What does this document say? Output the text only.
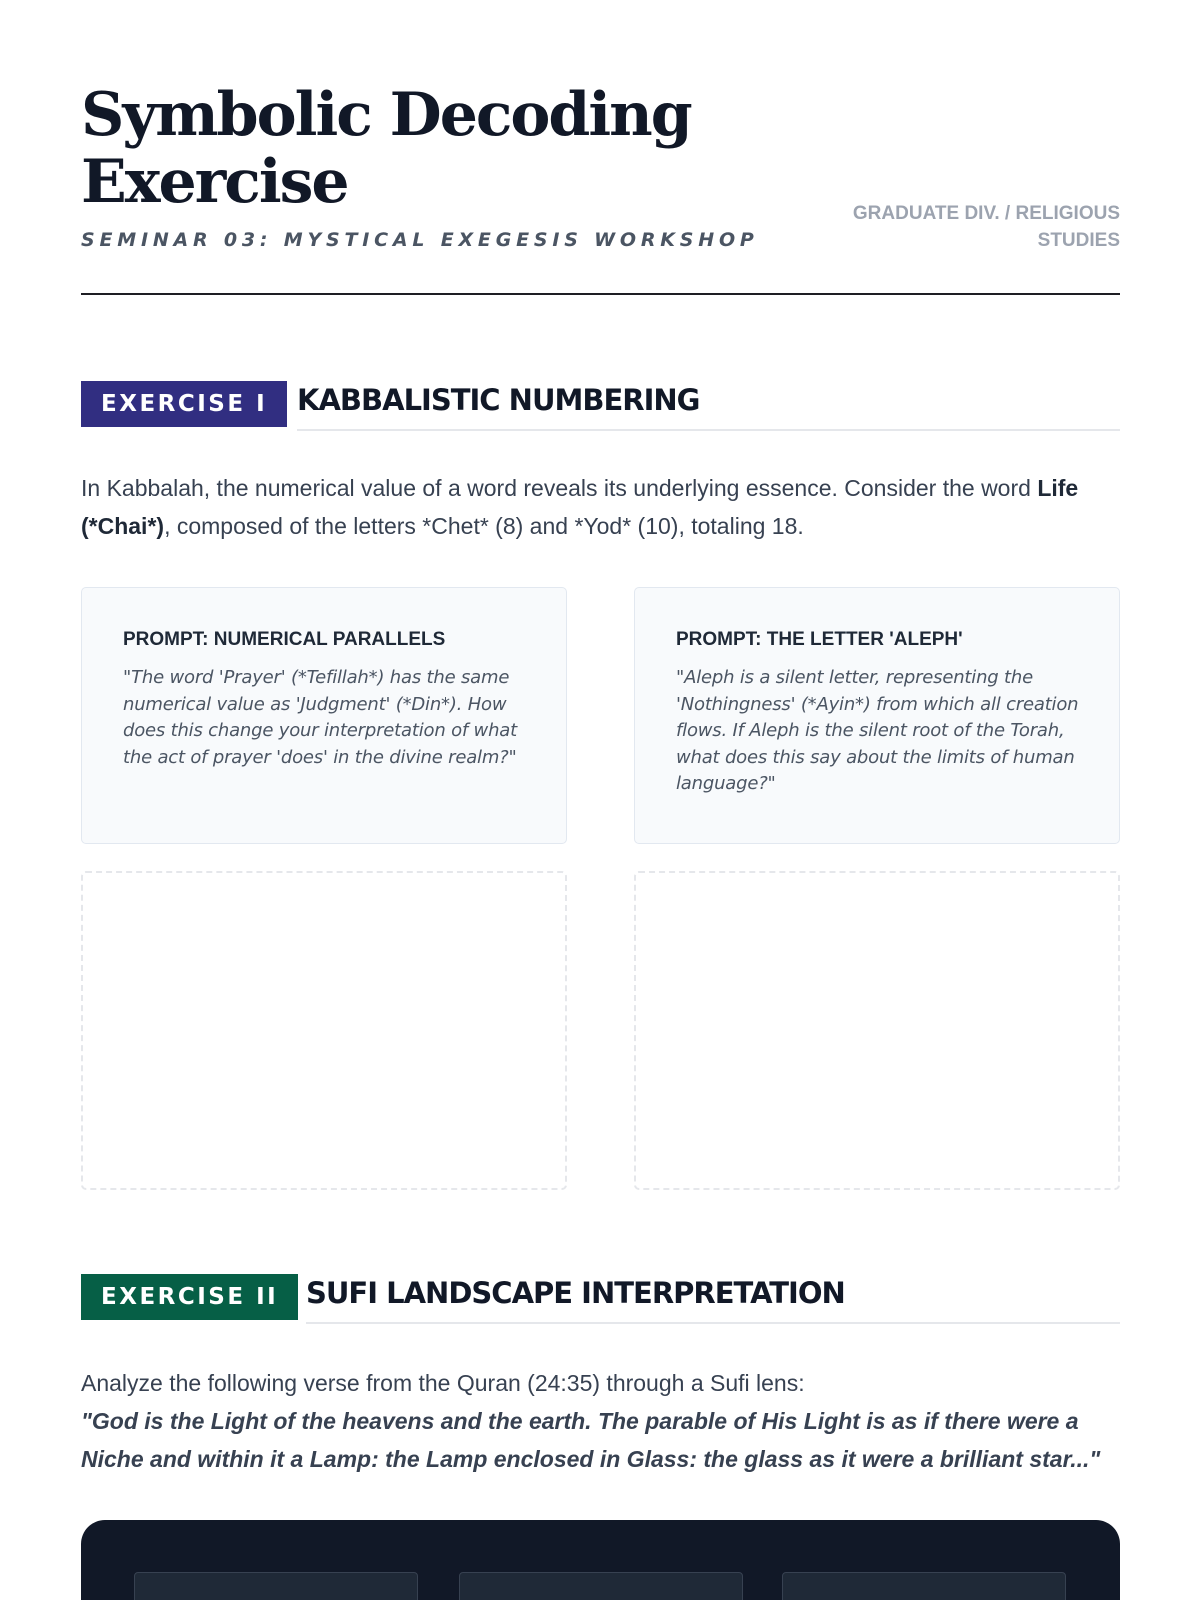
Symbolic Decoding Exercise
SEMINAR 03: MYSTICAL EXEGESIS WORKSHOP
GRADUATE DIV. / RELIGIOUS STUDIES
EXERCISE I	KABBALISTIC NUMBERING

In Kabbalah, the numerical value of a word reveals its underlying essence. Consider the word Life (*Chai*), composed of the letters *Chet* (8) and *Yod* (10), totaling 18.

PROMPT: NUMERICAL PARALLELS
"The word 'Prayer' (*Tefillah*) has the same numerical value as 'Judgment' (*Din*). How does this change your interpretation of what the act of prayer 'does' in the divine realm?"
PROMPT: THE LETTER 'ALEPH'
"Aleph is a silent letter, representing the 'Nothingness' (*Ayin*) from which all creation flows. If Aleph is the silent root of the Torah, what does this say about the limits of human language?"
EXERCISE II SUFI LANDSCAPE INTERPRETATION

Analyze the following verse from the Quran (24:35) through a Sufi lens:
"God is the Light of the heavens and the earth. The parable of His Light is as if there were a Niche and within it a Lamp: the Lamp enclosed in Glass: the glass as it were a brilliant star..."
